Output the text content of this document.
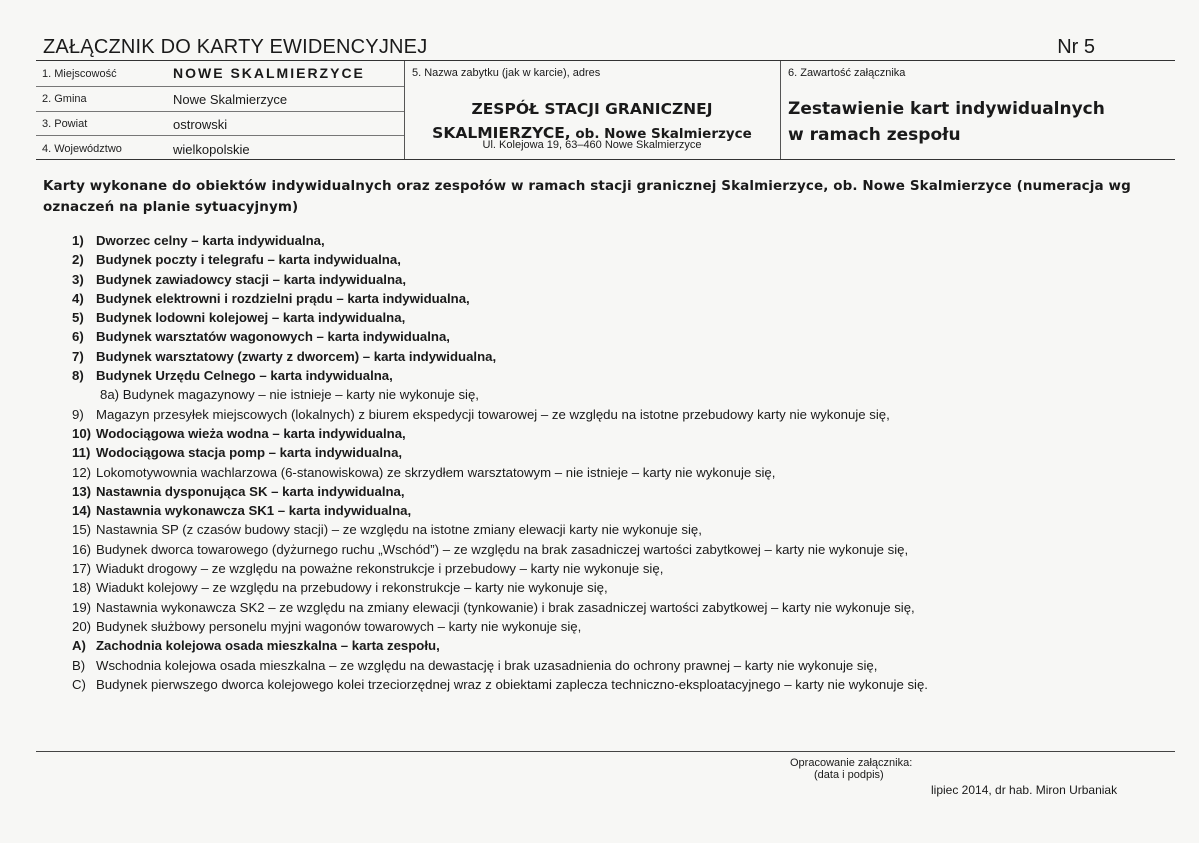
ZAŁĄCZNIK DO KARTY EWIDENCYJNEJ	Nr 5
1. Miejscowość	NOWE SKALMIERZYCE
2. Gmina	Nowe Skalmierzyce
3. Powiat	ostrowski
4. Województwo	wielkopolskie
5. Nazwa zabytku (jak w karcie), adres
ZESPÓŁ STACJI GRANICZNEJ
SKALMIERZYCE, ob. Nowe Skalmierzyce
Ul. Kolejowa 19, 63–460 Nowe Skalmierzyce
6. Zawartość załącznika
Zestawienie kart indywidualnych
w ramach zespołu
Karty wykonane do obiektów indywidualnych oraz zespołów w ramach stacji granicznej Skalmierzyce, ob. Nowe Skalmierzyce (numeracja wg oznaczeń na planie sytuacyjnym)
1) Dworzec celny – karta indywidualna,
2) Budynek poczty i telegrafu – karta indywidualna,
3) Budynek zawiadowcy stacji – karta indywidualna,
4) Budynek elektrowni i rozdzielni prądu – karta indywidualna,
5) Budynek lodowni kolejowej – karta indywidualna,
6) Budynek warsztatów wagonowych – karta indywidualna,
7) Budynek warsztatowy (zwarty z dworcem) – karta indywidualna,
8) Budynek Urzędu Celnego – karta indywidualna,
8a) Budynek magazynowy – nie istnieje – karty nie wykonuje się,
9) Magazyn przesyłek miejscowych (lokalnych) z biurem ekspedycji towarowej – ze względu na istotne przebudowy karty nie wykonuje się,
10) Wodociągowa wieża wodna – karta indywidualna,
11) Wodociągowa stacja pomp – karta indywidualna,
12) Lokomotywownia wachlarzowa (6-stanowiskowa) ze skrzydłem warsztatowym – nie istnieje – karty nie wykonuje się,
13) Nastawnia dysponująca SK – karta indywidualna,
14) Nastawnia wykonawcza SK1 – karta indywidualna,
15) Nastawnia SP (z czasów budowy stacji) – ze względu na istotne zmiany elewacji karty nie wykonuje się,
16) Budynek dworca towarowego (dyżurnego ruchu „Wschód”) – ze względu na brak zasadniczej wartości zabytkowej – karty nie wykonuje się,
17) Wiadukt drogowy – ze względu na poważne rekonstrukcje i przebudowy – karty nie wykonuje się,
18) Wiadukt kolejowy – ze względu na przebudowy i rekonstrukcje – karty nie wykonuje się,
19) Nastawnia wykonawcza SK2 – ze względu na zmiany elewacji (tynkowanie) i brak zasadniczej wartości zabytkowej – karty nie wykonuje się,
20) Budynek służbowy personelu myjni wagonów towarowych – karty nie wykonuje się,
A) Zachodnia kolejowa osada mieszkalna – karta zespołu,
B) Wschodnia kolejowa osada mieszkalna – ze względu na dewastację i brak uzasadnienia do ochrony prawnej – karty nie wykonuje się,
C) Budynek pierwszego dworca kolejowego kolei trzeciorzędnej wraz z obiektami zaplecza techniczno-eksploatacyjnego – karty nie wykonuje się.
Opracowanie załącznika:
(data i podpis)
lipiec 2014, dr hab. Miron Urbaniak
